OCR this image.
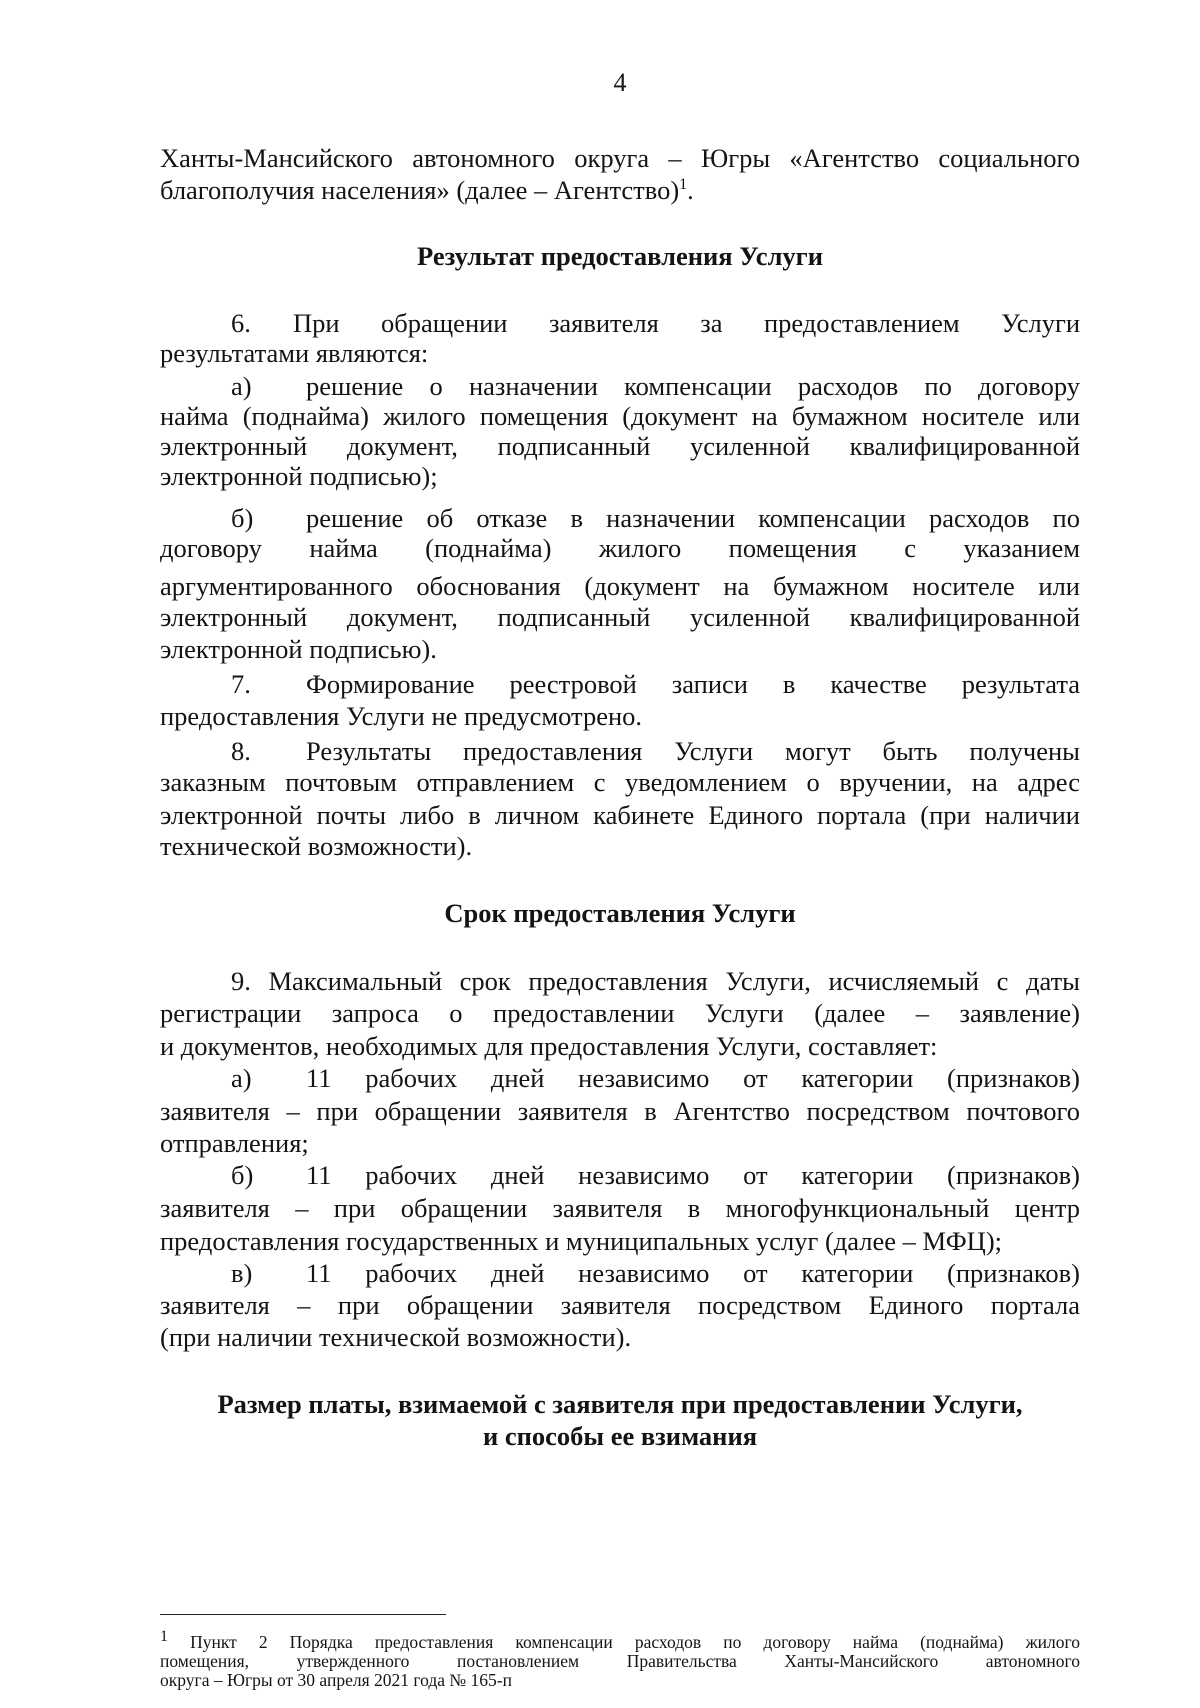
4
Ханты-Мансийского автономного округа – Югры «Агентство социального
благополучия населения» (далее – Агентство)$^1$.
Результат предоставления Услуги
6. При обращении заявителя за предоставлением Услуги
результатами являются:
а) решение о назначении компенсации расходов по договору
найма (поднайма) жилого помещения (документ на бумажном носителе или
электронный документ, подписанный усиленной квалифицированной
электронной подписью);
б) решение об отказе в назначении компенсации расходов по
договору найма (поднайма) жилого помещения с указанием
аргументированного обоснования (документ на бумажном носителе или
электронный документ, подписанный усиленной квалифицированной
электронной подписью).
7. Формирование реестровой записи в качестве результата
предоставления Услуги не предусмотрено.
8. Результаты предоставления Услуги могут быть получены
заказным почтовым отправлением с уведомлением о вручении, на адрес
электронной почты либо в личном кабинете Единого портала (при наличии
технической возможности).
Срок предоставления Услуги
9. Максимальный срок предоставления Услуги, исчисляемый с даты
регистрации запроса о предоставлении Услуги (далее – заявление)
и документов, необходимых для предоставления Услуги, составляет:
а) 11 рабочих дней независимо от категории (признаков)
заявителя – при обращении заявителя в Агентство посредством почтового
отправления;
б) 11 рабочих дней независимо от категории (признаков)
заявителя – при обращении заявителя в многофункциональный центр
предоставления государственных и муниципальных услуг (далее – МФЦ);
в) 11 рабочих дней независимо от категории (признаков)
заявителя – при обращении заявителя посредством Единого портала
(при наличии технической возможности).
Размер платы, взимаемой с заявителя при предоставлении Услуги,
и способы ее взимания
$^1$ Пункт 2 Порядка предоставления компенсации расходов по договору найма (поднайма) жилого
помещения, утвержденного постановлением Правительства Ханты-Мансийского автономного
округа – Югры от 30 апреля 2021 года № 165-п
